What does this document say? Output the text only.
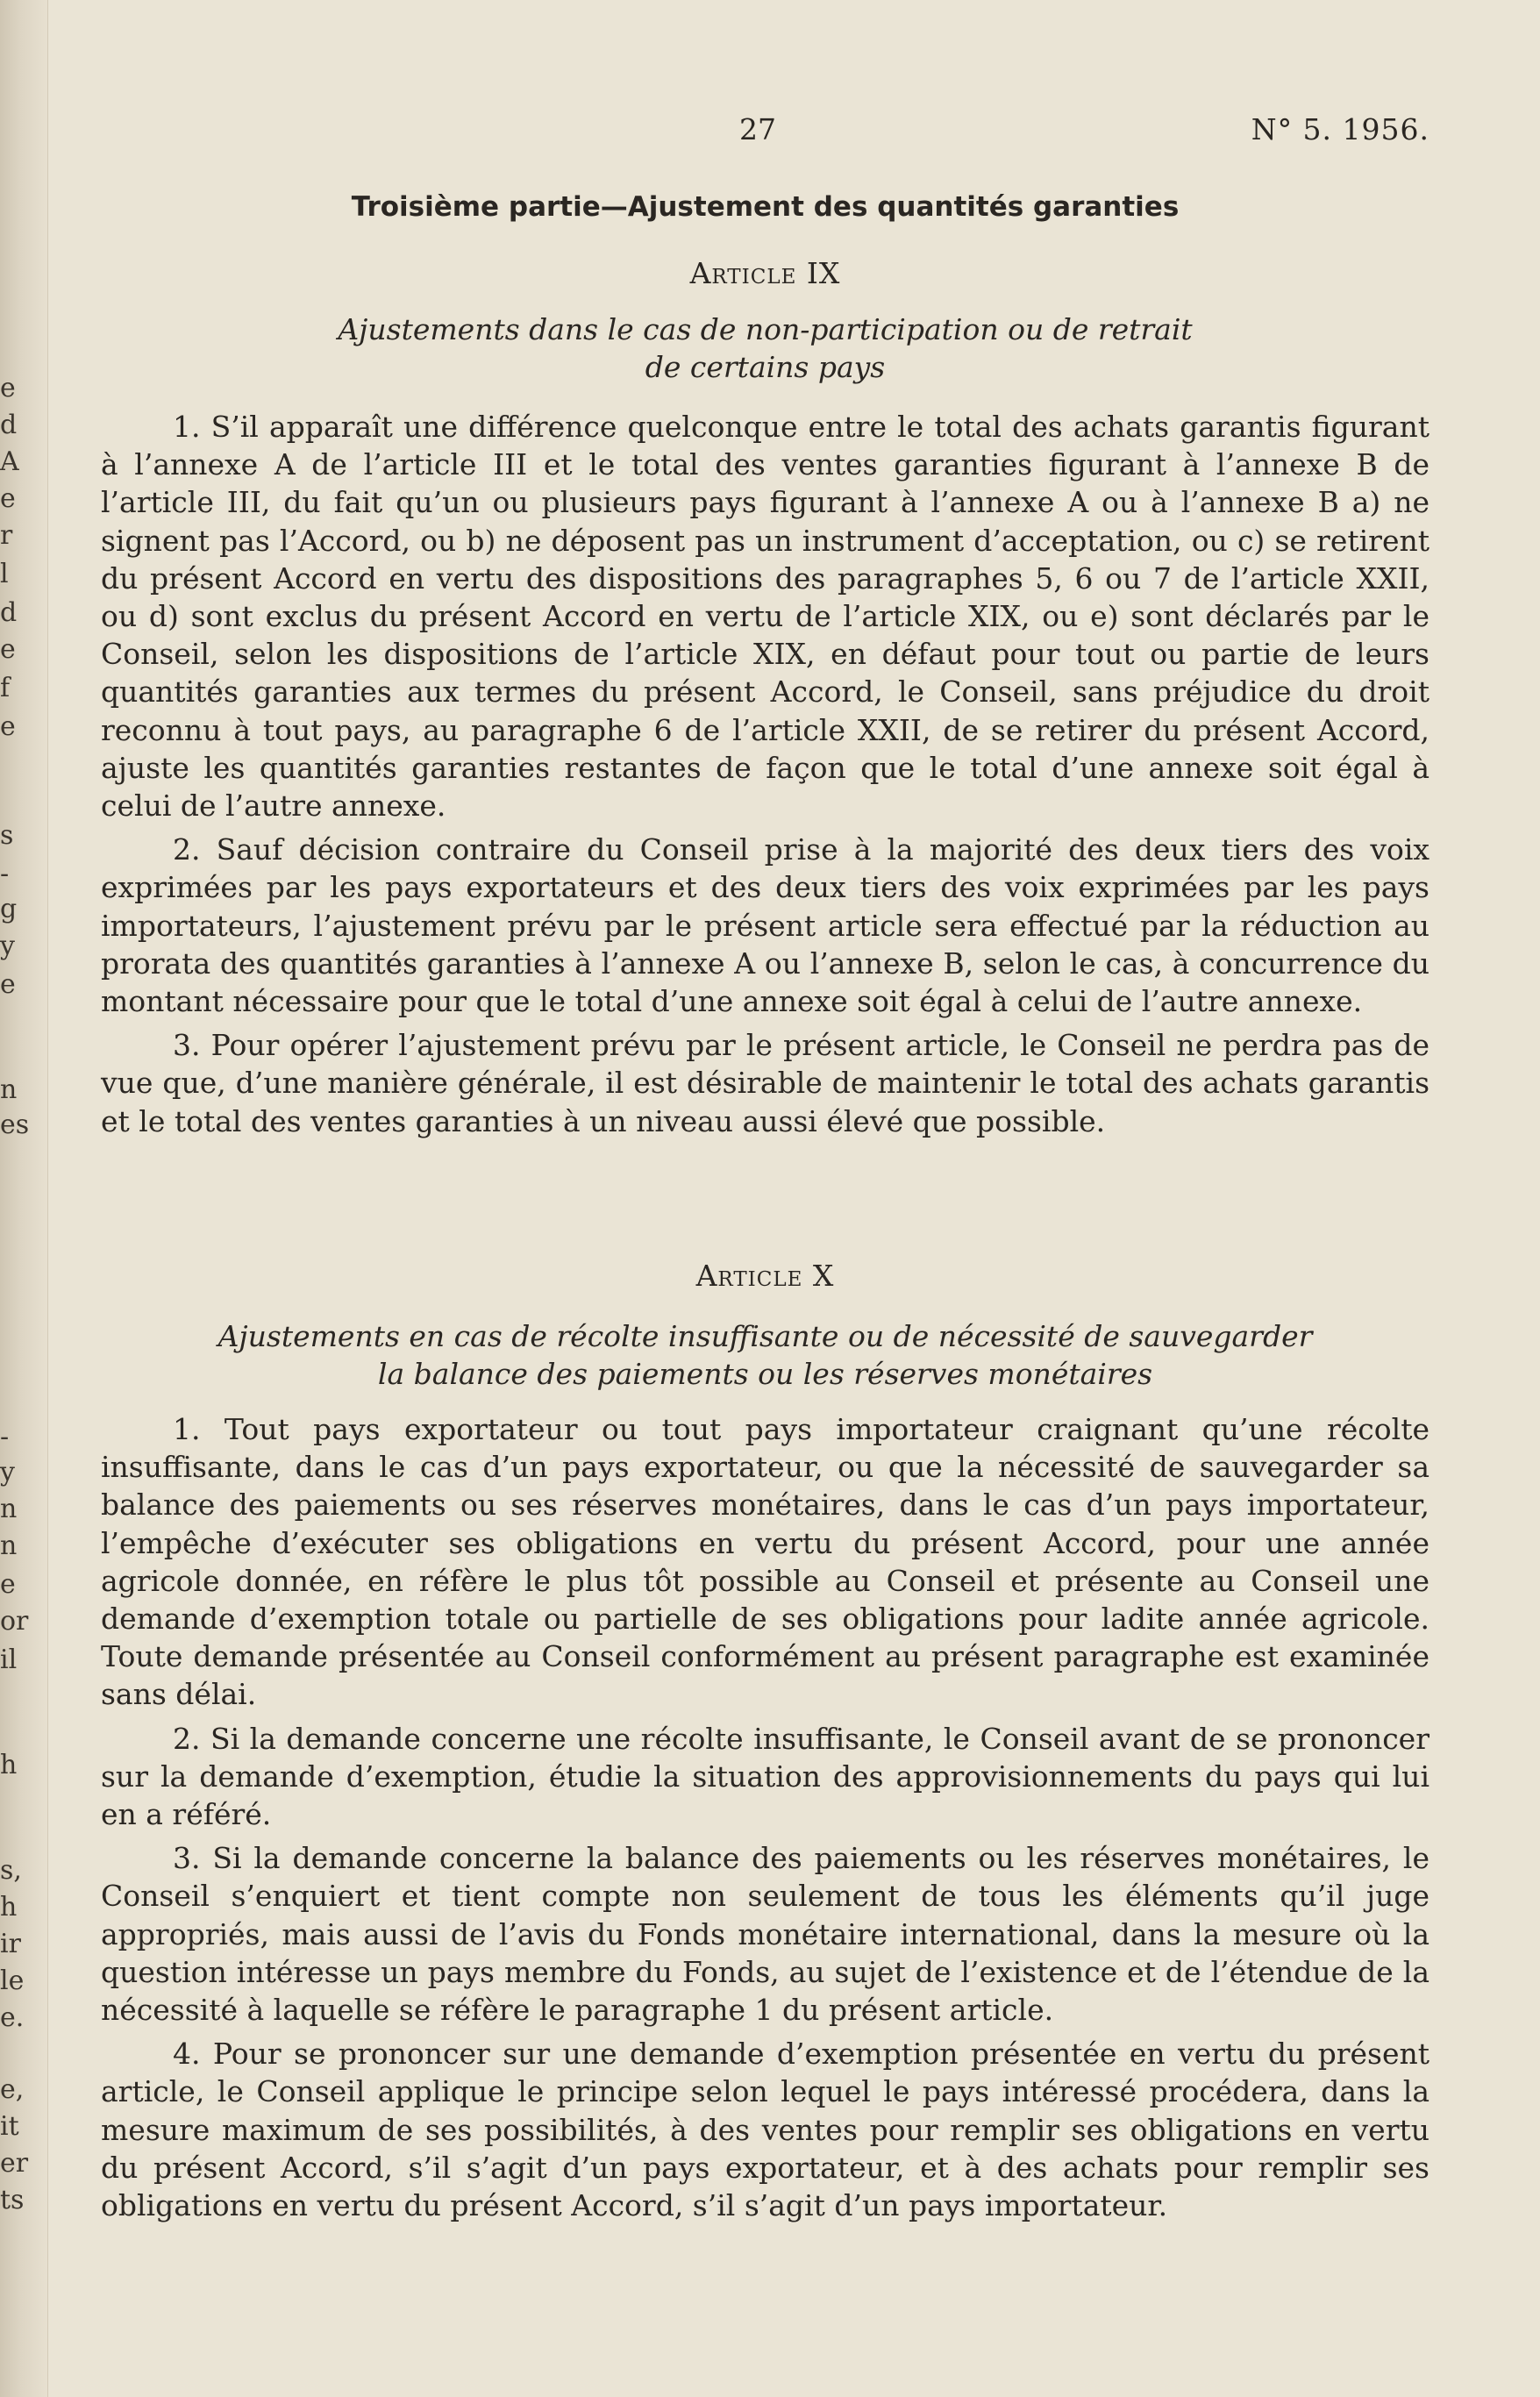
e
d
A
e
r
l
d
e
f
e
s
-
g
y
e
n
es
-
y
n
n
e
or
il
h
s,
h
ir
le
e.
e,
it
er
ts
27	N° 5. 1956.
Troisième partie—Ajustement des quantités garanties
Article IX
Ajustements dans le cas de non-participation ou de retrait
de certains pays

1. S’il apparaît une différence quelconque entre le total des achats garantis figurant à l’annexe A de l’article III et le total des ventes garanties figurant à l’annexe B de l’article III, du fait qu’un ou plusieurs pays figurant à l’annexe A ou à l’annexe B a) ne signent pas l’Accord, ou b) ne déposent pas un instrument d’acceptation, ou c) se retirent du présent Accord en vertu des dispositions des paragraphes 5, 6 ou 7 de l’article XXII, ou d) sont exclus du présent Accord en vertu de l’article XIX, ou e) sont déclarés par le Conseil, selon les dispositions de l’article XIX, en défaut pour tout ou partie de leurs quantités garanties aux termes du présent Accord, le Conseil, sans préjudice du droit reconnu à tout pays, au paragraphe 6 de l’article XXII, de se retirer du présent Accord, ajuste les quantités garanties restantes de façon que le total d’une annexe soit égal à celui de l’autre annexe.

2. Sauf décision contraire du Conseil prise à la majorité des deux tiers des voix exprimées par les pays exportateurs et des deux tiers des voix exprimées par les pays importateurs, l’ajustement prévu par le présent article sera effectué par la réduction au prorata des quantités garanties à l’annexe A ou l’annexe B, selon le cas, à concurrence du montant nécessaire pour que le total d’une annexe soit égal à celui de l’autre annexe.

3. Pour opérer l’ajustement prévu par le présent article, le Conseil ne perdra pas de vue que, d’une manière générale, il est désirable de maintenir le total des achats garantis et le total des ventes garanties à un niveau aussi élevé que possible.

Article X
Ajustements en cas de récolte insuffisante ou de nécessité de sauvegarder
la balance des paiements ou les réserves monétaires

1. Tout pays exportateur ou tout pays importateur craignant qu’une récolte insuffisante, dans le cas d’un pays exportateur, ou que la nécessité de sauvegarder sa balance des paiements ou ses réserves monétaires, dans le cas d’un pays importateur, l’empêche d’exécuter ses obligations en vertu du présent Accord, pour une année agricole donnée, en réfère le plus tôt possible au Conseil et présente au Conseil une demande d’exemption totale ou partielle de ses obligations pour ladite année agricole. Toute demande présentée au Conseil conformément au présent paragraphe est examinée sans délai.

2. Si la demande concerne une récolte insuffisante, le Conseil avant de se prononcer sur la demande d’exemption, étudie la situation des approvisionnements du pays qui lui en a référé.

3. Si la demande concerne la balance des paiements ou les réserves monétaires, le Conseil s’enquiert et tient compte non seulement de tous les éléments qu’il juge appropriés, mais aussi de l’avis du Fonds monétaire international, dans la mesure où la question intéresse un pays membre du Fonds, au sujet de l’existence et de l’étendue de la nécessité à laquelle se réfère le paragraphe 1 du présent article.

4. Pour se prononcer sur une demande d’exemption présentée en vertu du présent article, le Conseil applique le principe selon lequel le pays intéressé procédera, dans la mesure maximum de ses possibilités, à des ventes pour remplir ses obligations en vertu du présent Accord, s’il s’agit d’un pays exportateur, et à des achats pour remplir ses obligations en vertu du présent Accord, s’il s’agit d’un pays importateur.
